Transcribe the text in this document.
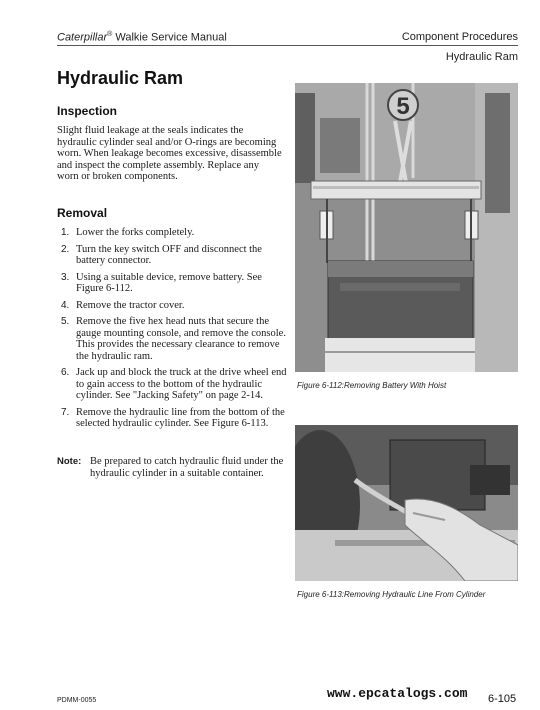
Caterpillar® Walkie Service Manual	Component Procedures
Hydraulic Ram
Hydraulic Ram
Inspection

Slight fluid leakage at the seals indicates the hydraulic cylinder seal and/or O-rings are becoming worn. When leakage becomes excessive, disassemble and inspect the complete assembly. Replace any worn or broken components.

Removal
1. Lower the forks completely.
2. Turn the key switch OFF and disconnect the battery connector.
3. Using a suitable device, remove battery. See Figure 6-112.
4. Remove the tractor cover.
5. Remove the five hex head nuts that secure the gauge mounting console, and remove the console. This provides the necessary clearance to remove the hydraulic ram.
6. Jack up and block the truck at the drive wheel end to gain access to the bottom of the hydraulic cylinder. See "Jacking Safety" on page 2-14.
7. Remove the hydraulic line from the bottom of the selected hydraulic cylinder. See Figure 6-113.
Note: Be prepared to catch hydraulic fluid under the hydraulic cylinder in a suitable container.
5
Figure 6-112:Removing Battery With Hoist
Figure 6-113:Removing Hydraulic Line From Cylinder
PDMM-0055	www.epcatalogs.com 6-105
